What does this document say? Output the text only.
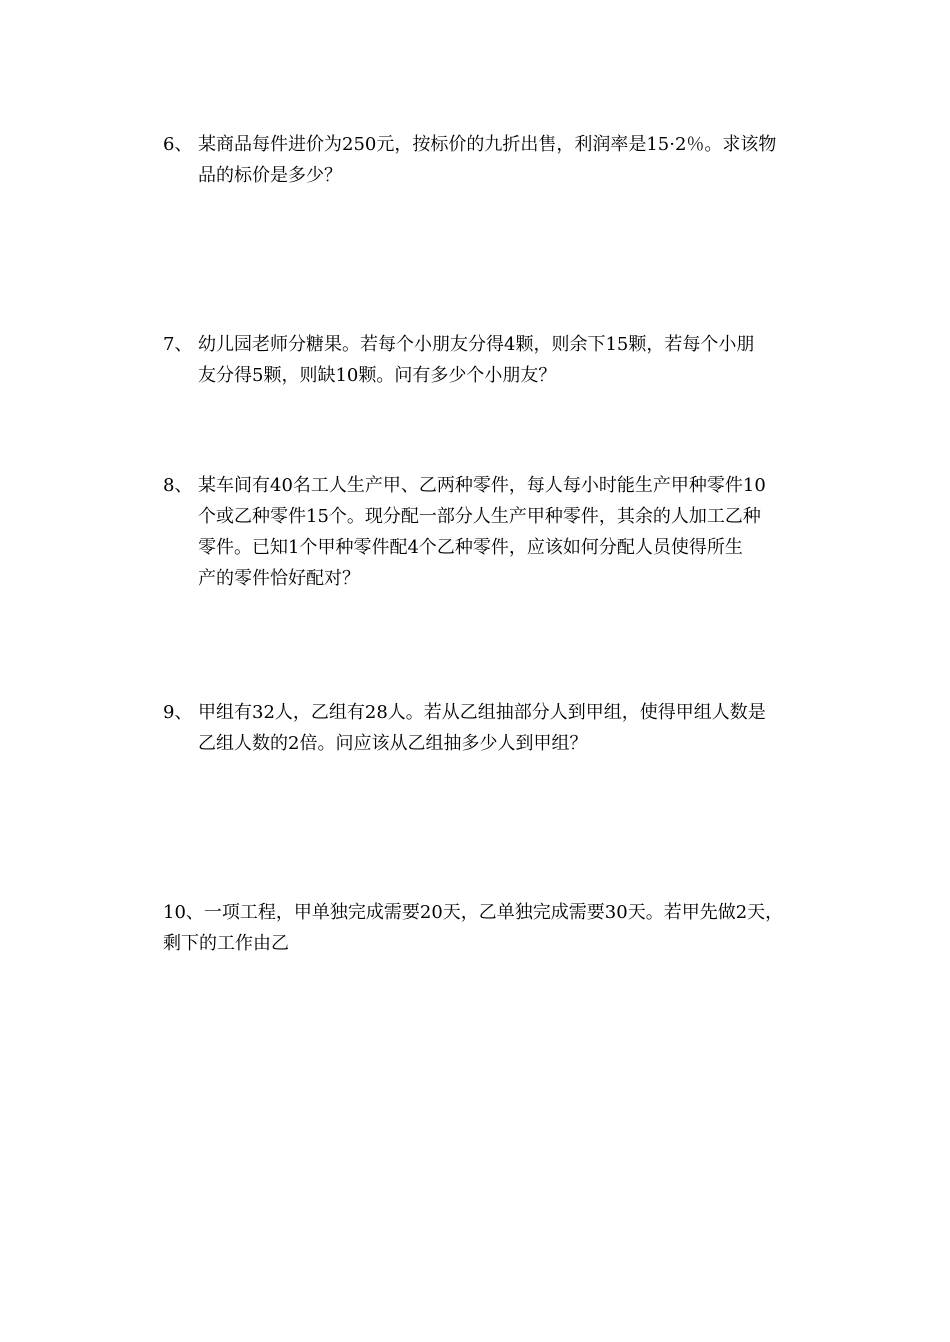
6、 某商品每件进价为250元，按标价的九折出售，利润率是15·2％。求该物
品的标价是多少？
7、 幼儿园老师分糖果。若每个小朋友分得4颗，则余下15颗，若每个小朋
友分得5颗，则缺10颗。问有多少个小朋友？
8、 某车间有40名工人生产甲、乙两种零件，每人每小时能生产甲种零件10
个或乙种零件15个。现分配一部分人生产甲种零件，其余的人加工乙种
零件。已知1个甲种零件配4个乙种零件，应该如何分配人员使得所生
产的零件恰好配对？
9、 甲组有32人，乙组有28人。若从乙组抽部分人到甲组，使得甲组人数是
乙组人数的2倍。问应该从乙组抽多少人到甲组？
10、一项工程，甲单独完成需要20天，乙单独完成需要30天。若甲先做2天，
剩下的工作由乙
